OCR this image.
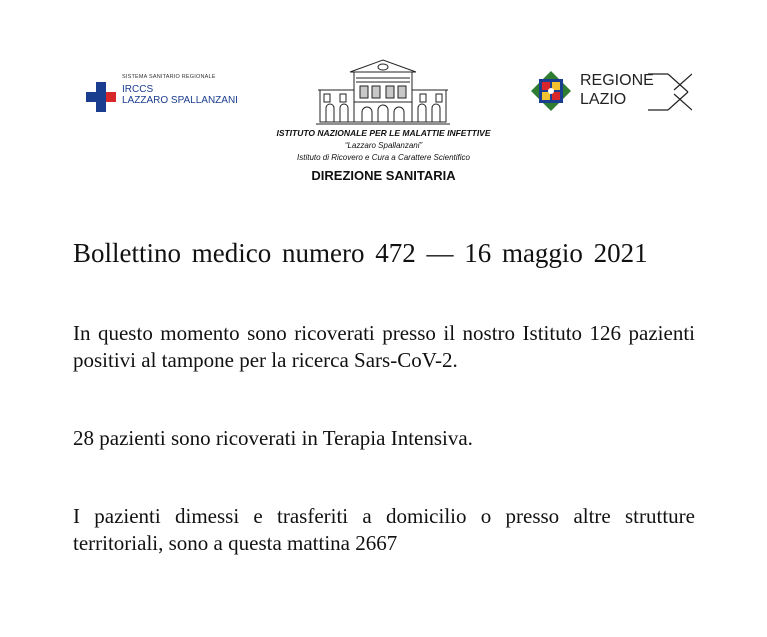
SISTEMA SANITARIO REGIONALE
IRCCS
LAZZARO SPALLANZANI
ISTITUTO NAZIONALE PER LE MALATTIE INFETTIVE
“Lazzaro Spallanzani”
Istituto di Ricovero e Cura a Carattere Scientifico
DIREZIONE SANITARIA
REGIONE
LAZIO
Bollettino medico numero 472 — 16 maggio 2021
In questo momento sono ricoverati presso il nostro Istituto 126 pazienti positivi al tampone per la ricerca Sars-CoV-2.
28 pazienti sono ricoverati in Terapia Intensiva.
I pazienti dimessi e trasferiti a domicilio o presso altre strutture territoriali, sono a questa mattina 2667
